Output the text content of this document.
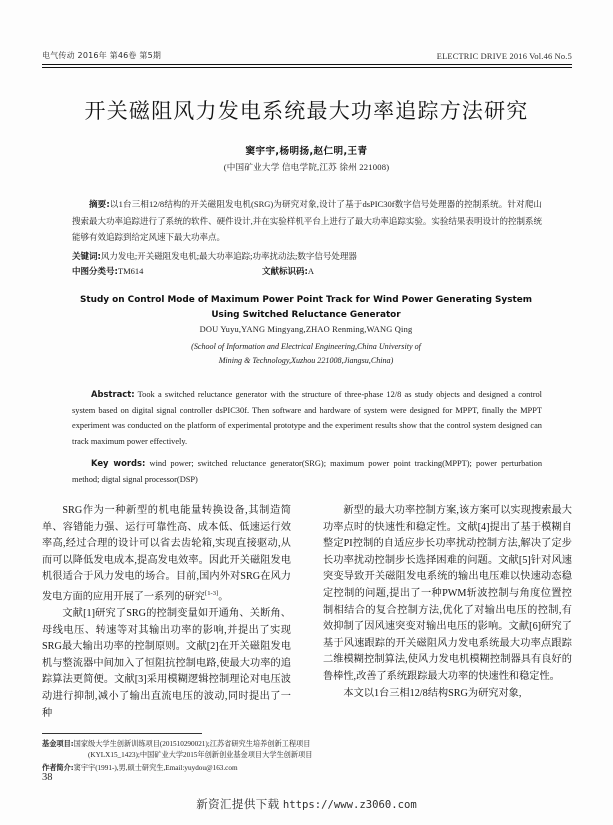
电气传动 2016年 第46卷 第5期	ELECTRIC DRIVE 2016 Vol.46 No.5
开关磁阻风力发电系统最大功率追踪方法研究
窦宇宇,杨明扬,赵仁明,王青
(中国矿业大学 信电学院,江苏 徐州 221008)
摘要:以1台三相12/8结构的开关磁阻发电机(SRG)为研究对象,设计了基于dsPIC30f数字信号处理器的控制系统。针对爬山搜索最大功率追踪进行了系统的软件、硬件设计,并在实验样机平台上进行了最大功率追踪实验。实验结果表明设计的控制系统能够有效追踪到给定风速下最大功率点。
关键词:风力发电;开关磁阻发电机;最大功率追踪;功率扰动法;数字信号处理器
中图分类号:TM614	文献标识码:A
Study on Control Mode of Maximum Power Point Track for Wind Power Generating System
Using Switched Reluctance Generator
DOU Yuyu,YANG Mingyang,ZHAO Renming,WANG Qing
(School of Information and Electrical Engineering,China University of
Mining & Technology,Xuzhou 221008,Jiangsu,China)
Abstract: Took a switched reluctance generator with the structure of three-phase 12/8 as study objects and designed a control system based on digital signal controller dsPIC30f. Then software and hardware of system were designed for MPPT, finally the MPPT experiment was conducted on the platform of experimental prototype and the experiment results show that the control system designed can track maximum power effectively.
Key words: wind power; switched reluctance generator(SRG); maximum power point tracking(MPPT); power perturbation method; digtal signal processor(DSP)

SRG作为一种新型的机电能量转换设备,其制造简单、容错能力强、运行可靠性高、成本低、低速运行效率高,经过合理的设计可以省去齿轮箱,实现直接驱动,从而可以降低发电成本,提高发电效率。因此开关磁阻发电机很适合于风力发电的场合。目前,国内外对SRG在风力发电方面的应用开展了一系列的研究[1-3]。

文献[1]研究了SRG的控制变量如开通角、关断角、母线电压、转速等对其输出功率的影响,并提出了实现SRG最大输出功率的控制原则。文献[2]在开关磁阻发电机与整流器中间加入了恒阻抗控制电路,使最大功率的追踪算法更简便。文献[3]采用模糊逻辑控制理论对电压波动进行抑制,减小了输出直流电压的波动,同时提出了一种

新型的最大功率控制方案,该方案可以实现搜索最大功率点时的快速性和稳定性。文献[4]提出了基于模糊自整定PI控制的自适应步长功率扰动控制方法,解决了定步长功率扰动控制步长选择困难的问题。文献[5]针对风速突变导致开关磁阻发电系统的输出电压难以快速动态稳定控制的问题,提出了一种PWM斩波控制与角度位置控制相结合的复合控制方法,优化了对输出电压的控制,有效抑制了因风速突变对输出电压的影响。文献[6]研究了基于风速跟踪的开关磁阻风力发电系统最大功率点跟踪二维模糊控制算法,使风力发电机模糊控制器具有良好的鲁棒性,改善了系统跟踪最大功率的快速性和稳定性。

本文以1台三相12/8结构SRG为研究对象,

基金项目:国家级大学生创新训练项目(201510290021);江苏省研究生培养创新工程项目
(KYLX15_1423);中国矿业大学2015年创新创业基金项目大学生创新项目
作者简介:窦宇宇(1991-),男,硕士研究生,Email:yuydou@163.com
38
新资汇提供下载 https://www.z3060.com
